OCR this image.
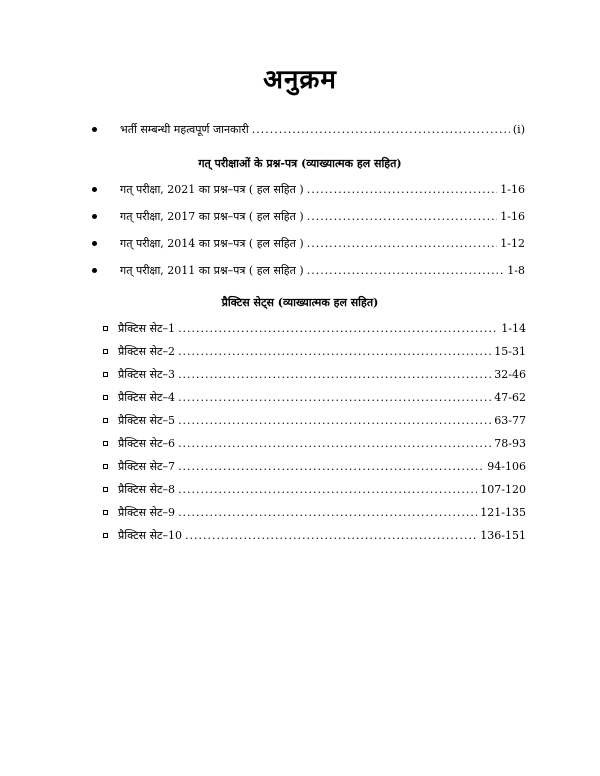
अनुक्रम
भर्ती सम्बन्धी महत्वपूर्ण जानकारी .....	(i)
गत् परीक्षाओं के प्रश्न-पत्र (व्याख्यात्मक हल सहित)
गत् परीक्षा, 2021 का प्रश्न–पत्र ( हल सहित ) .....	1-16
गत् परीक्षा, 2017 का प्रश्न–पत्र ( हल सहित ) .....	1-16
गत् परीक्षा, 2014 का प्रश्न–पत्र ( हल सहित ) .....	1-12
गत् परीक्षा, 2011 का प्रश्न–पत्र ( हल सहित ) .....	1-8
प्रैक्टिस सेट्स (व्याख्यात्मक हल सहित)
प्रैक्टिस सेट–1 .....	1-14
प्रैक्टिस सेट–2 .....	15-31
प्रैक्टिस सेट–3 .....	32-46
प्रैक्टिस सेट–4 .....	47-62
प्रैक्टिस सेट–5 .....	63-77
प्रैक्टिस सेट–6 .....	78-93
प्रैक्टिस सेट–7 .....	94-106
प्रैक्टिस सेट–8 .....	107-120
प्रैक्टिस सेट–9 .....	121-135
प्रैक्टिस सेट–10 .....	136-151
